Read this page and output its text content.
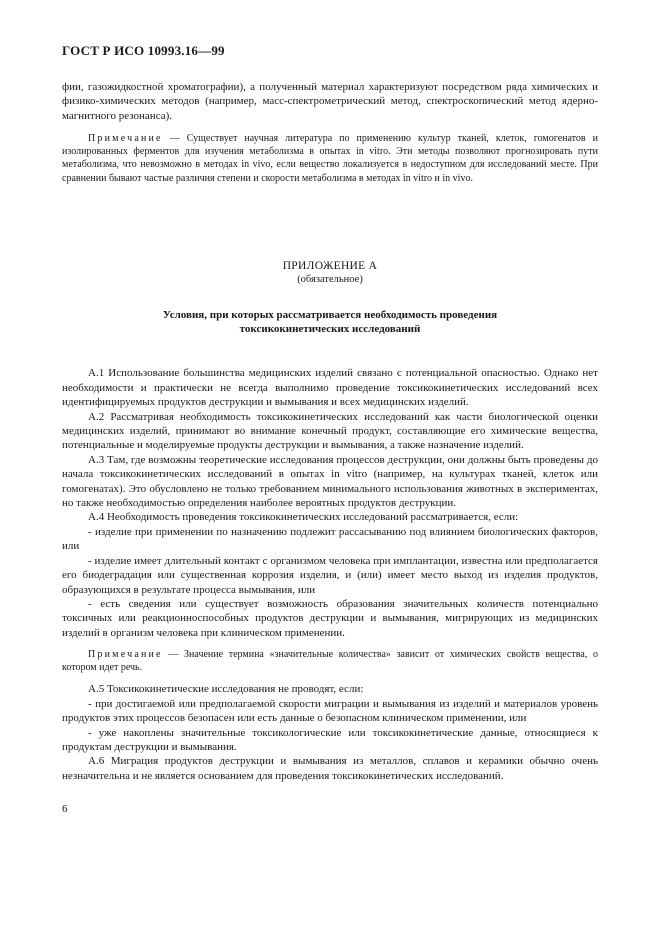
ГОСТ Р ИСО 10993.16—99

фии, газожидкостной хроматографии), а полученный материал характеризуют посредством ряда химических и физико-химических методов (например, масс-спектрометрический метод, спектроскопический метод ядерно-магнитного резонанса).

Примечание — Существует научная литература по применению культур тканей, клеток, гомогенатов и изолированных ферментов для изучения метаболизма в опытах in vitro. Эти методы позволяют прогнозировать пути метаболизма, что невозможно в методах in vivo, если вещество локализуется в недоступном для исследований месте. При сравнении бывают частые различия степени и скорости метаболизма в методах in vitro и in vivo.

ПРИЛОЖЕНИЕ А

(обязательное)

Условия, при которых рассматривается необходимость проведения
токсикокинетических исследований

А.1 Использование большинства медицинских изделий связано с потенциальной опасностью. Однако нет необходимости и практически не всегда выполнимо проведение токсикокинетических исследований всех идентифицируемых продуктов деструкции и вымывания и всех медицинских изделий.

А.2 Рассматривая необходимость токсикокинетических исследований как части биологической оценки медицинских изделий, принимают во внимание конечный продукт, составляющие его химические вещества, потенциальные и моделируемые продукты деструкции и вымывания, а также назначение изделий.

А.3 Там, где возможны теоретические исследования процессов деструкции, они должны быть проведены до начала токсикокинетических исследований в опытах in vitro (например, на культурах тканей, клеток или гомогенатах). Это обусловлено не только требованием минимального использования животных в экспериментах, но также необходимостью определения наиболее вероятных продуктов деструкции.

А.4 Необходимость проведения токсикокинетических исследований рассматривается, если:

- изделие при применении по назначению подлежит рассасыванию под влиянием биологических факторов, или

- изделие имеет длительный контакт с организмом человека при имплантации, известна или предполагается его биодеградация или существенная коррозия изделия, и (или) имеет место выход из изделия продуктов, образующихся в результате процесса вымывания, или

- есть сведения или существует возможность образования значительных количеств потенциально токсичных или реакционноспособных продуктов деструкции и вымывания, мигрирующих из медицинских изделий в организм человека при клиническом применении.

Примечание — Значение термина «значительные количества» зависит от химических свойств вещества, о котором идет речь.

А.5 Токсикокинетические исследования не проводят, если:

- при достигаемой или предполагаемой скорости миграции и вымывания из изделий и материалов уровень продуктов этих процессов безопасен или есть данные о безопасном клиническом применении, или

- уже накоплены значительные токсикологические или токсикокинетические данные, относящиеся к продуктам деструкции и вымывания.

А.6 Миграция продуктов деструкции и вымывания из металлов, сплавов и керамики обычно очень незначительна и не является основанием для проведения токсикокинетических исследований.

6
